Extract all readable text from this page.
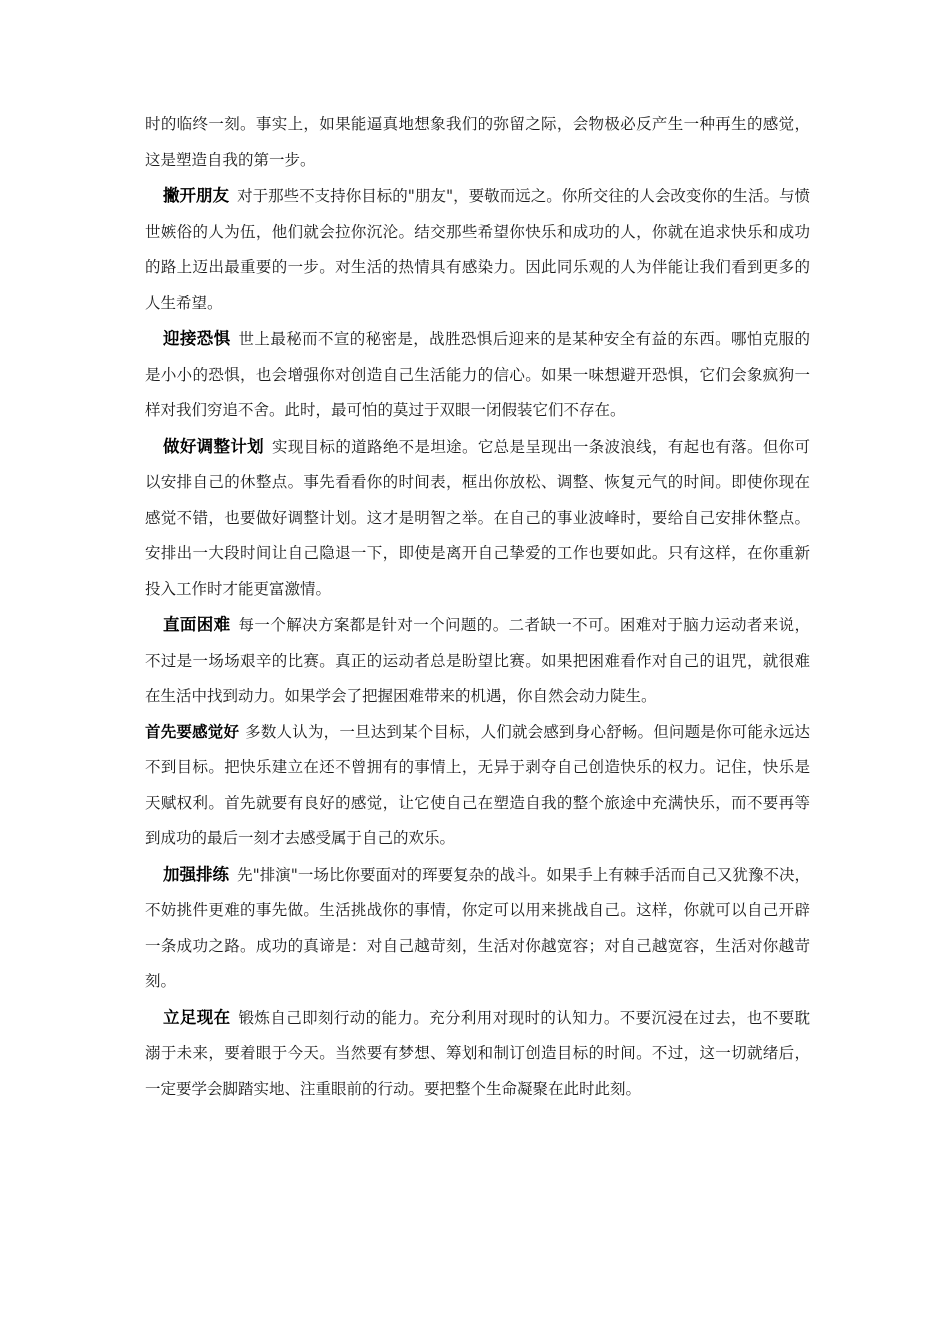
时的临终一刻。事实上，如果能逼真地想象我们的弥留之际，会物极必反产生一种再生的感觉，这是塑造自我的第一步。

撇开朋友 对于那些不支持你目标的"朋友"，要敬而远之。你所交往的人会改变你的生活。与愤世嫉俗的人为伍，他们就会拉你沉沦。结交那些希望你快乐和成功的人，你就在追求快乐和成功的路上迈出最重要的一步。对生活的热情具有感染力。因此同乐观的人为伴能让我们看到更多的人生希望。

迎接恐惧 世上最秘而不宣的秘密是，战胜恐惧后迎来的是某种安全有益的东西。哪怕克服的是小小的恐惧，也会增强你对创造自己生活能力的信心。如果一味想避开恐惧，它们会象疯狗一样对我们穷追不舍。此时，最可怕的莫过于双眼一闭假装它们不存在。

做好调整计划 实现目标的道路绝不是坦途。它总是呈现出一条波浪线，有起也有落。但你可以安排自己的休整点。事先看看你的时间表，框出你放松、调整、恢复元气的时间。即使你现在感觉不错，也要做好调整计划。这才是明智之举。在自己的事业波峰时，要给自己安排休整点。安排出一大段时间让自己隐退一下，即使是离开自己挚爱的工作也要如此。只有这样，在你重新投入工作时才能更富激情。

直面困难 每一个解决方案都是针对一个问题的。二者缺一不可。困难对于脑力运动者来说，不过是一场场艰辛的比赛。真正的运动者总是盼望比赛。如果把困难看作对自己的诅咒，就很难在生活中找到动力。如果学会了把握困难带来的机遇，你自然会动力陡生。

首先要感觉好 多数人认为，一旦达到某个目标，人们就会感到身心舒畅。但问题是你可能永远达不到目标。把快乐建立在还不曾拥有的事情上，无异于剥夺自己创造快乐的权力。记住，快乐是天赋权利。首先就要有良好的感觉，让它使自己在塑造自我的整个旅途中充满快乐，而不要再等到成功的最后一刻才去感受属于自己的欢乐。

加强排练 先"排演"一场比你要面对的珲要复杂的战斗。如果手上有棘手活而自己又犹豫不决，不妨挑件更难的事先做。生活挑战你的事情，你定可以用来挑战自己。这样，你就可以自己开辟一条成功之路。成功的真谛是：对自己越苛刻，生活对你越宽容；对自己越宽容，生活对你越苛刻。

立足现在 锻炼自己即刻行动的能力。充分利用对现时的认知力。不要沉浸在过去，也不要耽溺于未来，要着眼于今天。当然要有梦想、筹划和制订创造目标的时间。不过，这一切就绪后，一定要学会脚踏实地、注重眼前的行动。要把整个生命凝聚在此时此刻。
